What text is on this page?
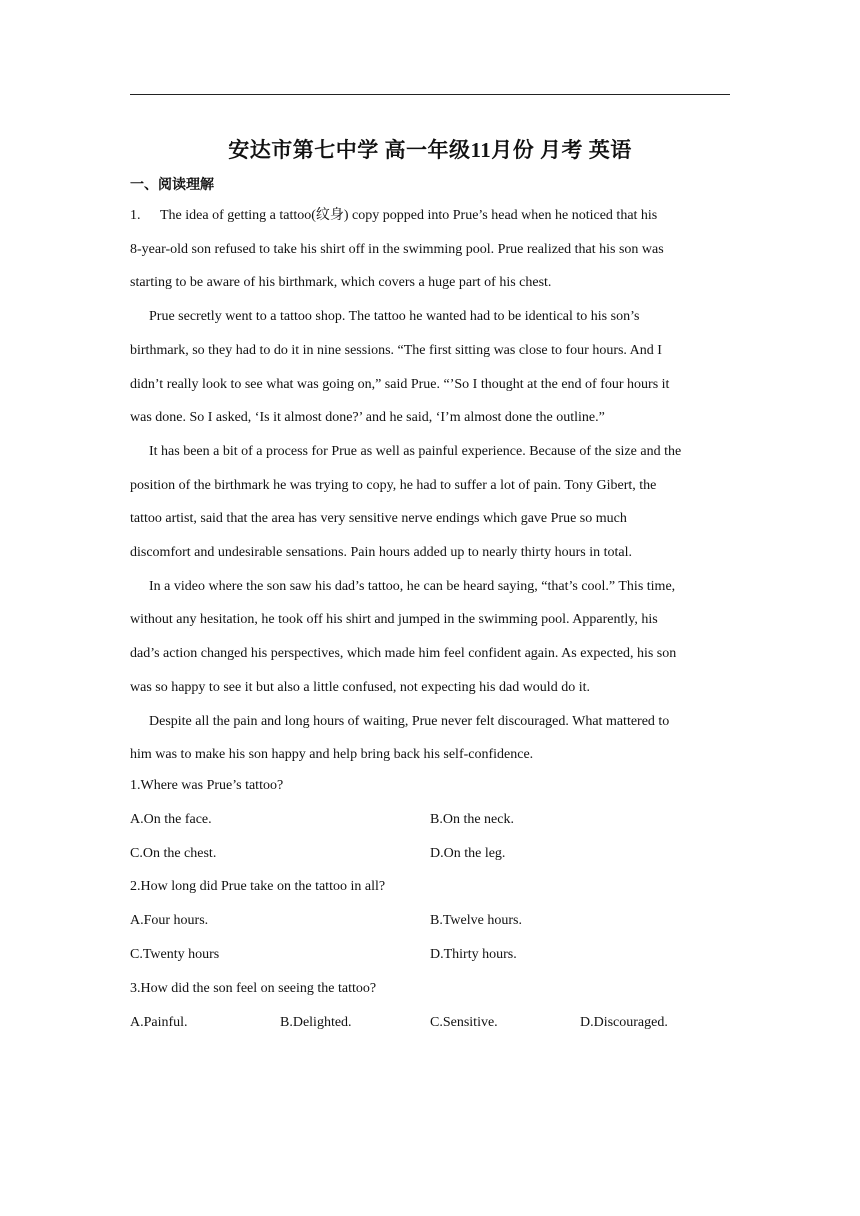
安达市第七中学 高一年级11月份 月考 英语
一、阅读理解

1. The idea of getting a tattoo(纹身) copy popped into Prue’s head when he noticed that his
8-year-old son refused to take his shirt off in the swimming pool. Prue realized that his son was
starting to be aware of his birthmark, which covers a huge part of his chest.

Prue secretly went to a tattoo shop. The tattoo he wanted had to be identical to his son’s
birthmark, so they had to do it in nine sessions. “The first sitting was close to four hours. And I
didn’t really look to see what was going on,” said Prue. “’So I thought at the end of four hours it
was done. So I asked, ‘Is it almost done?’ and he said, ‘I’m almost done the outline.”

It has been a bit of a process for Prue as well as painful experience. Because of the size and the
position of the birthmark he was trying to copy, he had to suffer a lot of pain. Tony Gibert, the
tattoo artist, said that the area has very sensitive nerve endings which gave Prue so much
discomfort and undesirable sensations. Pain hours added up to nearly thirty hours in total.

In a video where the son saw his dad’s tattoo, he can be heard saying, “that’s cool.” This time,
without any hesitation, he took off his shirt and jumped in the swimming pool. Apparently, his
dad’s action changed his perspectives, which made him feel confident again. As expected, his son
was so happy to see it but also a little confused, not expecting his dad would do it.

Despite all the pain and long hours of waiting, Prue never felt discouraged. What mattered to
him was to make his son happy and help bring back his self-confidence.

1.Where was Prue’s tattoo?
A.On the face.	B.On the neck.
C.On the chest.	D.On the leg.
2.How long did Prue take on the tattoo in all?
A.Four hours.	B.Twelve hours.
C.Twenty hours	D.Thirty hours.
3.How did the son feel on seeing the tattoo?
A.Painful.	B.Delighted.	C.Sensitive.	D.Discouraged.
